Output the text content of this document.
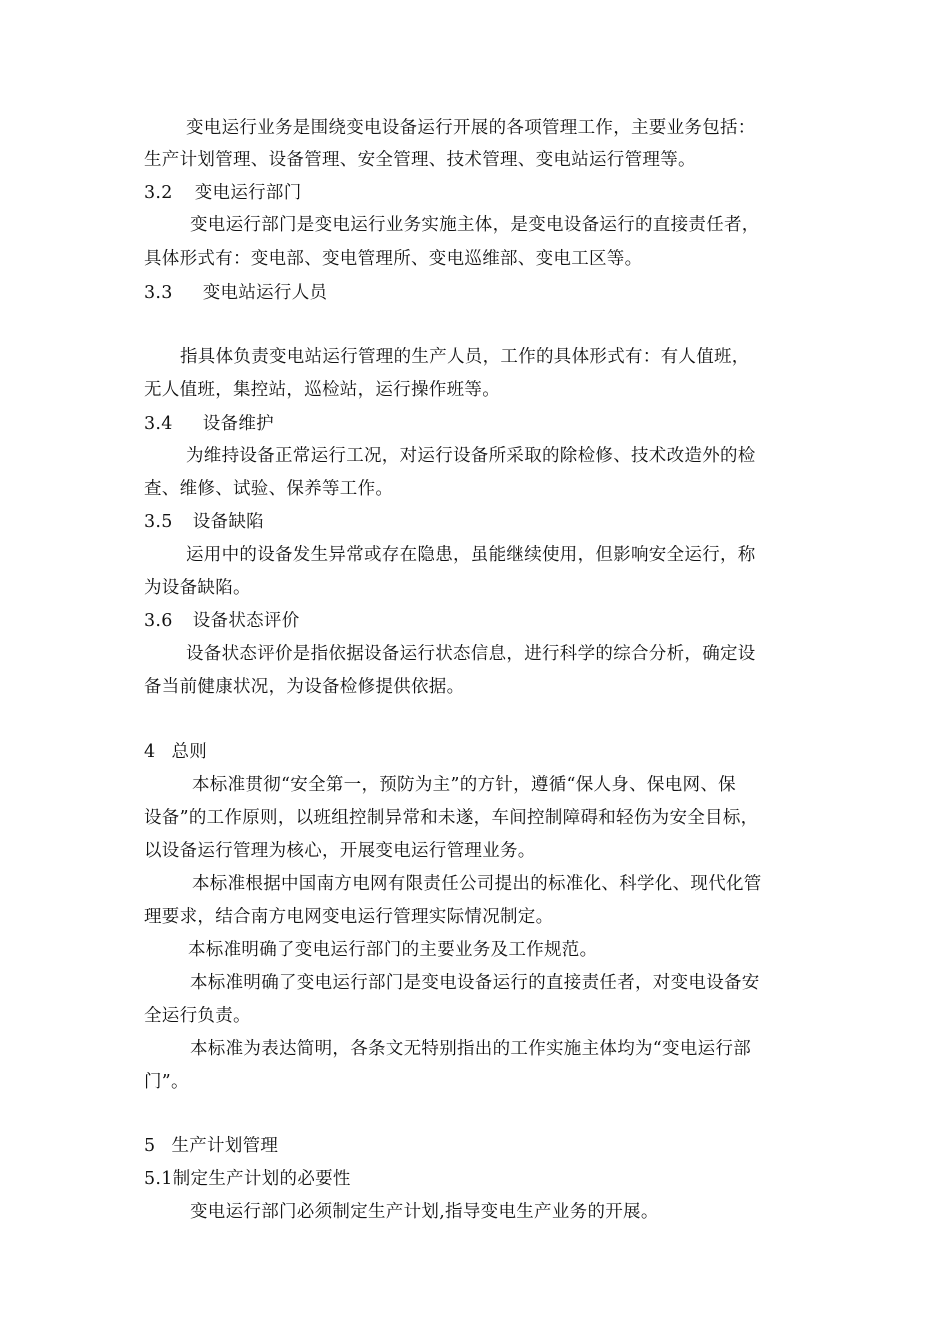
变电运行业务是围绕变电设备运行开展的各项管理工作，主要业务包括：
生产计划管理、设备管理、安全管理、技术管理、变电站运行管理等。
3.2 变电运行部门
变电运行部门是变电运行业务实施主体，是变电设备运行的直接责任者，
具体形式有：变电部、变电管理所、变电巡维部、变电工区等。
3.3 变电站运行人员
指具体负责变电站运行管理的生产人员，工作的具体形式有：有人值班，
无人值班，集控站，巡检站，运行操作班等。
3.4 设备维护
为维持设备正常运行工况，对运行设备所采取的除检修、技术改造外的检
查、维修、试验、保养等工作。
3.5 设备缺陷
运用中的设备发生异常或存在隐患，虽能继续使用，但影响安全运行，称
为设备缺陷。
3.6 设备状态评价
设备状态评价是指依据设备运行状态信息，进行科学的综合分析，确定设
备当前健康状况，为设备检修提供依据。
4 总则
本标准贯彻“安全第一，预防为主”的方针，遵循“保人身、保电网、保
设备”的工作原则，以班组控制异常和未遂，车间控制障碍和轻伤为安全目标，
以设备运行管理为核心，开展变电运行管理业务。
本标准根据中国南方电网有限责任公司提出的标准化、科学化、现代化管
理要求，结合南方电网变电运行管理实际情况制定。
本标准明确了变电运行部门的主要业务及工作规范。
本标准明确了变电运行部门是变电设备运行的直接责任者，对变电设备安
全运行负责。
本标准为表达简明，各条文无特别指出的工作实施主体均为“变电运行部
门”。
5 生产计划管理
5.1制定生产计划的必要性
变电运行部门必须制定生产计划,指导变电生产业务的开展。
